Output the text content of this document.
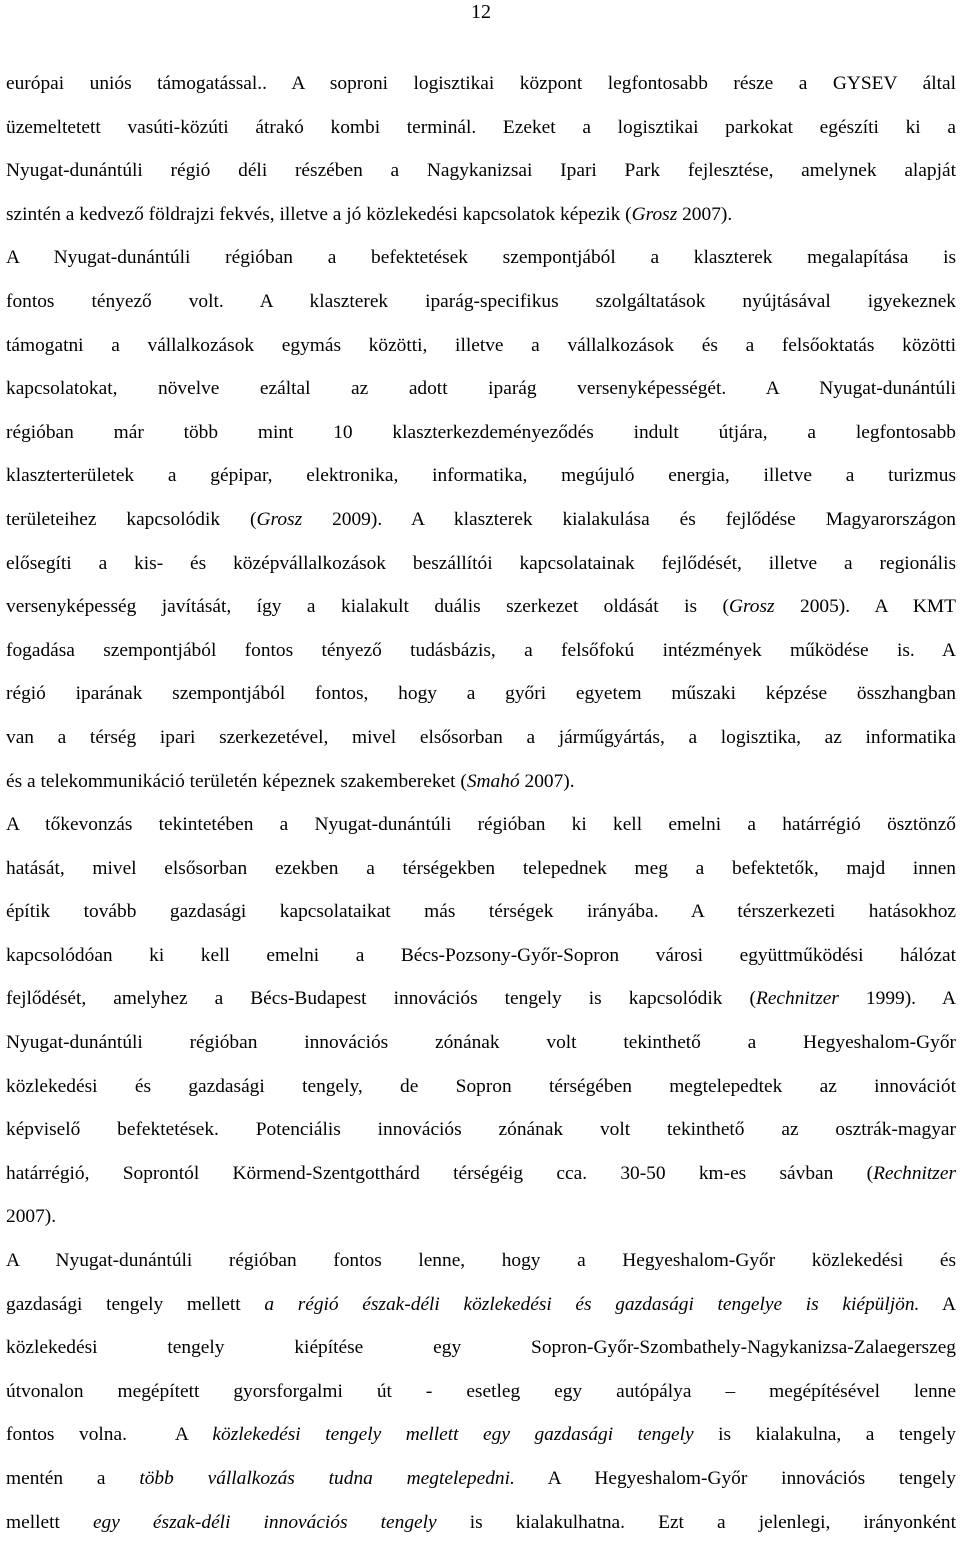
12

európai uniós támogatással.. A soproni logisztikai központ legfontosabb része a GYSEV által
üzemeltetett vasúti-közúti átrakó kombi terminál. Ezeket a logisztikai parkokat egészíti ki a
Nyugat-dunántúli régió déli részében a Nagykanizsai Ipari Park fejlesztése, amelynek alapját
szintén a kedvező földrajzi fekvés, illetve a jó közlekedési kapcsolatok képezik (Grosz 2007).

A Nyugat-dunántúli régióban a befektetések szempontjából a klaszterek megalapítása is
fontos tényező volt. A klaszterek iparág-specifikus szolgáltatások nyújtásával igyekeznek
támogatni a vállalkozások egymás közötti, illetve a vállalkozások és a felsőoktatás közötti
kapcsolatokat, növelve ezáltal az adott iparág versenyképességét. A Nyugat-dunántúli
régióban már több mint 10 klaszterkezdeményeződés indult útjára, a legfontosabb
klaszterterületek a gépipar, elektronika, informatika, megújuló energia, illetve a turizmus
területeihez kapcsolódik (Grosz 2009). A klaszterek kialakulása és fejlődése Magyarországon
elősegíti a kis- és középvállalkozások beszállítói kapcsolatainak fejlődését, illetve a regionális
versenyképesség javítását, így a kialakult duális szerkezet oldását is (Grosz 2005). A KMT
fogadása szempontjából fontos tényező tudásbázis, a felsőfokú intézmények működése is. A
régió iparának szempontjából fontos, hogy a győri egyetem műszaki képzése összhangban
van a térség ipari szerkezetével, mivel elsősorban a járműgyártás, a logisztika, az informatika
és a telekommunikáció területén képeznek szakembereket (Smahó 2007).

A tőkevonzás tekintetében a Nyugat-dunántúli régióban ki kell emelni a határrégió ösztönző
hatását, mivel elsősorban ezekben a térségekben telepednek meg a befektetők, majd innen
építik tovább gazdasági kapcsolataikat más térségek irányába. A térszerkezeti hatásokhoz
kapcsolódóan ki kell emelni a Bécs-Pozsony-Győr-Sopron városi együttműködési hálózat
fejlődését, amelyhez a Bécs-Budapest innovációs tengely is kapcsolódik (Rechnitzer 1999). A
Nyugat-dunántúli régióban innovációs zónának volt tekinthető a Hegyeshalom-Győr
közlekedési és gazdasági tengely, de Sopron térségében megtelepedtek az innovációt
képviselő befektetések. Potenciális innovációs zónának volt tekinthető az osztrák-magyar
határrégió, Soprontól Körmend-Szentgotthárd térségéig cca. 30-50 km-es sávban (Rechnitzer
2007).

A Nyugat-dunántúli régióban fontos lenne, hogy a Hegyeshalom-Győr közlekedési és
gazdasági tengely mellett a régió észak-déli közlekedési és gazdasági tengelye is kiépüljön. A
közlekedési tengely kiépítése egy Sopron-Győr-Szombathely-Nagykanizsa-Zalaegerszeg
útvonalon megépített gyorsforgalmi út - esetleg egy autópálya – megépítésével lenne
fontos volna.  A közlekedési tengely mellett egy gazdasági tengely is kialakulna, a tengely
mentén a több vállalkozás tudna megtelepedni. A Hegyeshalom-Győr innovációs tengely
mellett egy észak-déli innovációs tengely is kialakulhatna. Ezt a jelenlegi, irányonként
